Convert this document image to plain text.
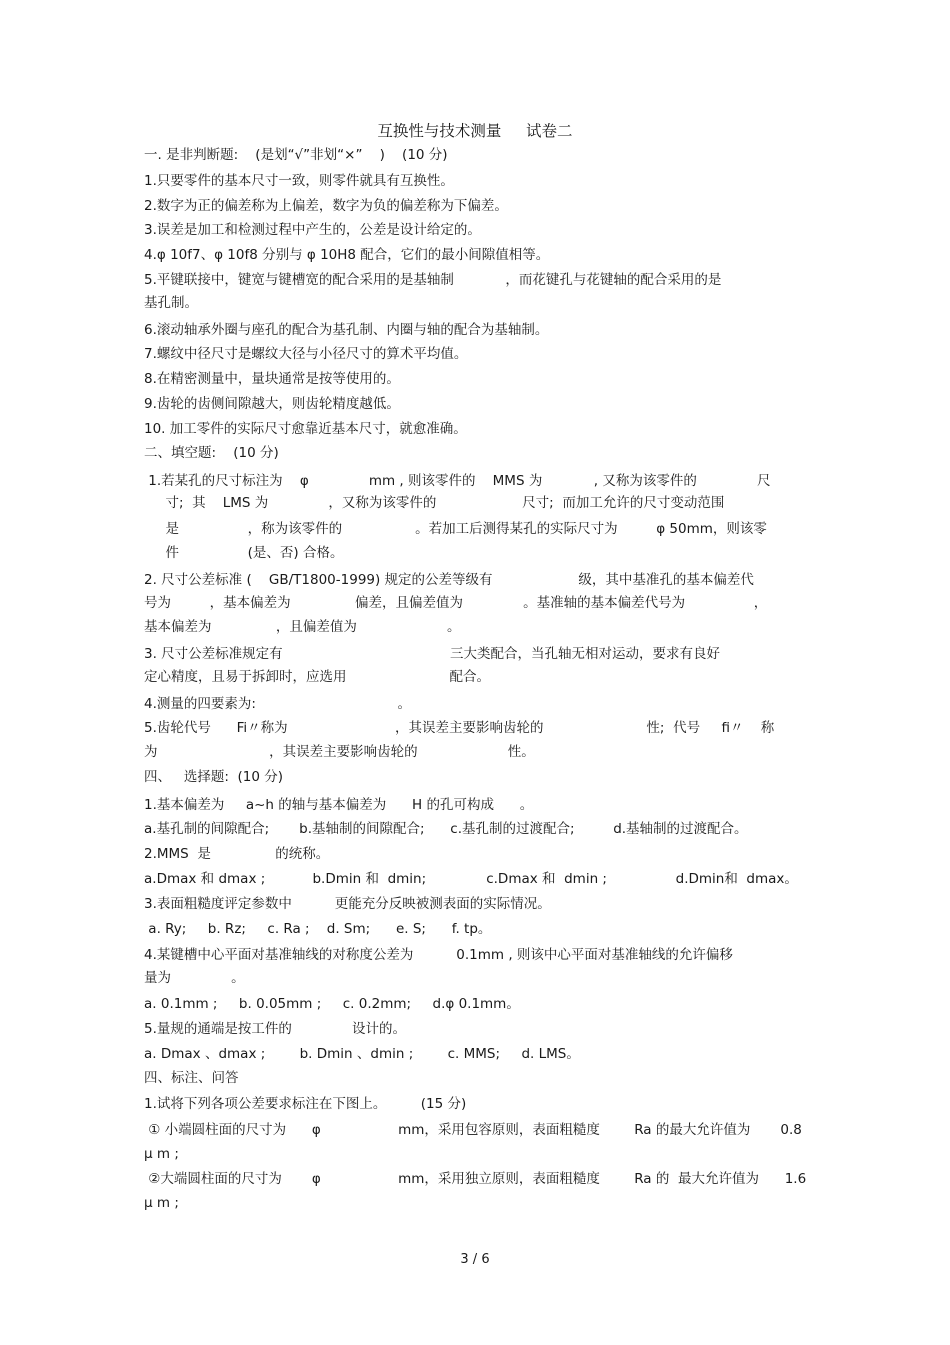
互换性与技术测量     试卷二
一. 是非判断题:    (是划“√”非划“×”    )    (10 分)
1.只要零件的基本尺寸一致，则零件就具有互换性。
2.数字为正的偏差称为上偏差，数字为负的偏差称为下偏差。
3.误差是加工和检测过程中产生的，公差是设计给定的。
4.φ 10f7、φ 10f8 分别与 φ 10H8 配合，它们的最小间隙值相等。
5.平键联接中，键宽与键槽宽的配合采用的是基轴制            ，而花键孔与花键轴的配合采用的是
基孔制。
6.滚动轴承外圈与座孔的配合为基孔制、内圈与轴的配合为基轴制。
7.螺纹中径尺寸是螺纹大径与小径尺寸的算术平均值。
8.在精密测量中，量块通常是按等使用的。
9.齿轮的齿侧间隙越大，则齿轮精度越低。
10. 加工零件的实际尺寸愈靠近基本尺寸，就愈准确。
二、填空题:    (10 分)
1.若某孔的尺寸标注为    φ              mm , 则该零件的    MMS 为            , 又称为该零件的              尺
寸;  其    LMS 为              ，又称为该零件的                    尺寸;  而加工允许的尺寸变动范围
是                ，称为该零件的                 。若加工后测得某孔的实际尺寸为         φ 50mm，则该零
件                (是、否) 合格。
2. 尺寸公差标准 (    GB/T1800-1999) 规定的公差等级有                    级，其中基准孔的基本偏差代
号为         ，基本偏差为               偏差，且偏差值为              。基准轴的基本偏差代号为                ，
基本偏差为               ，且偏差值为                     。
3. 尺寸公差标准规定有                                       三大类配合，当孔轴无相对运动，要求有良好
定心精度，且易于拆卸时，应选用                        配合。
4.测量的四要素为:                                 。
5.齿轮代号      Fi〃称为                         ，其误差主要影响齿轮的                        性;  代号     fi〃    称
为                          ，其误差主要影响齿轮的                     性。
四、   选择题:  (10 分)
1.基本偏差为     a~h 的轴与基本偏差为      H 的孔可构成      。
a.基孔制的间隙配合;       b.基轴制的间隙配合;      c.基孔制的过渡配合;         d.基轴制的过渡配合。
2.MMS  是               的统称。
a.Dmax 和 dmax ;           b.Dmin 和  dmin;              c.Dmax 和  dmin ;                d.Dmin和  dmax。
3.表面粗糙度评定参数中          更能充分反映被测表面的实际情况。
a. Ry;     b. Rz;     c. Ra ;    d. Sm;      e. S;      f. tp。
4.某键槽中心平面对基准轴线的对称度公差为          0.1mm , 则该中心平面对基准轴线的允许偏移
量为              。
a. 0.1mm ;     b. 0.05mm ;     c. 0.2mm;     d.φ 0.1mm。
5.量规的通端是按工件的              设计的。
a. Dmax 、dmax ;        b. Dmin 、dmin ;        c. MMS;     d. LMS。
四、标注、问答
1.试将下列各项公差要求标注在下图上。        (15 分)
① 小端圆柱面的尺寸为      φ                  mm，采用包容原则，表面粗糙度        Ra 的最大允许值为       0.8
μ m ;
②大端圆柱面的尺寸为       φ                  mm，采用独立原则，表面粗糙度        Ra 的  最大允许值为      1.6
μ m ;
3 / 6
